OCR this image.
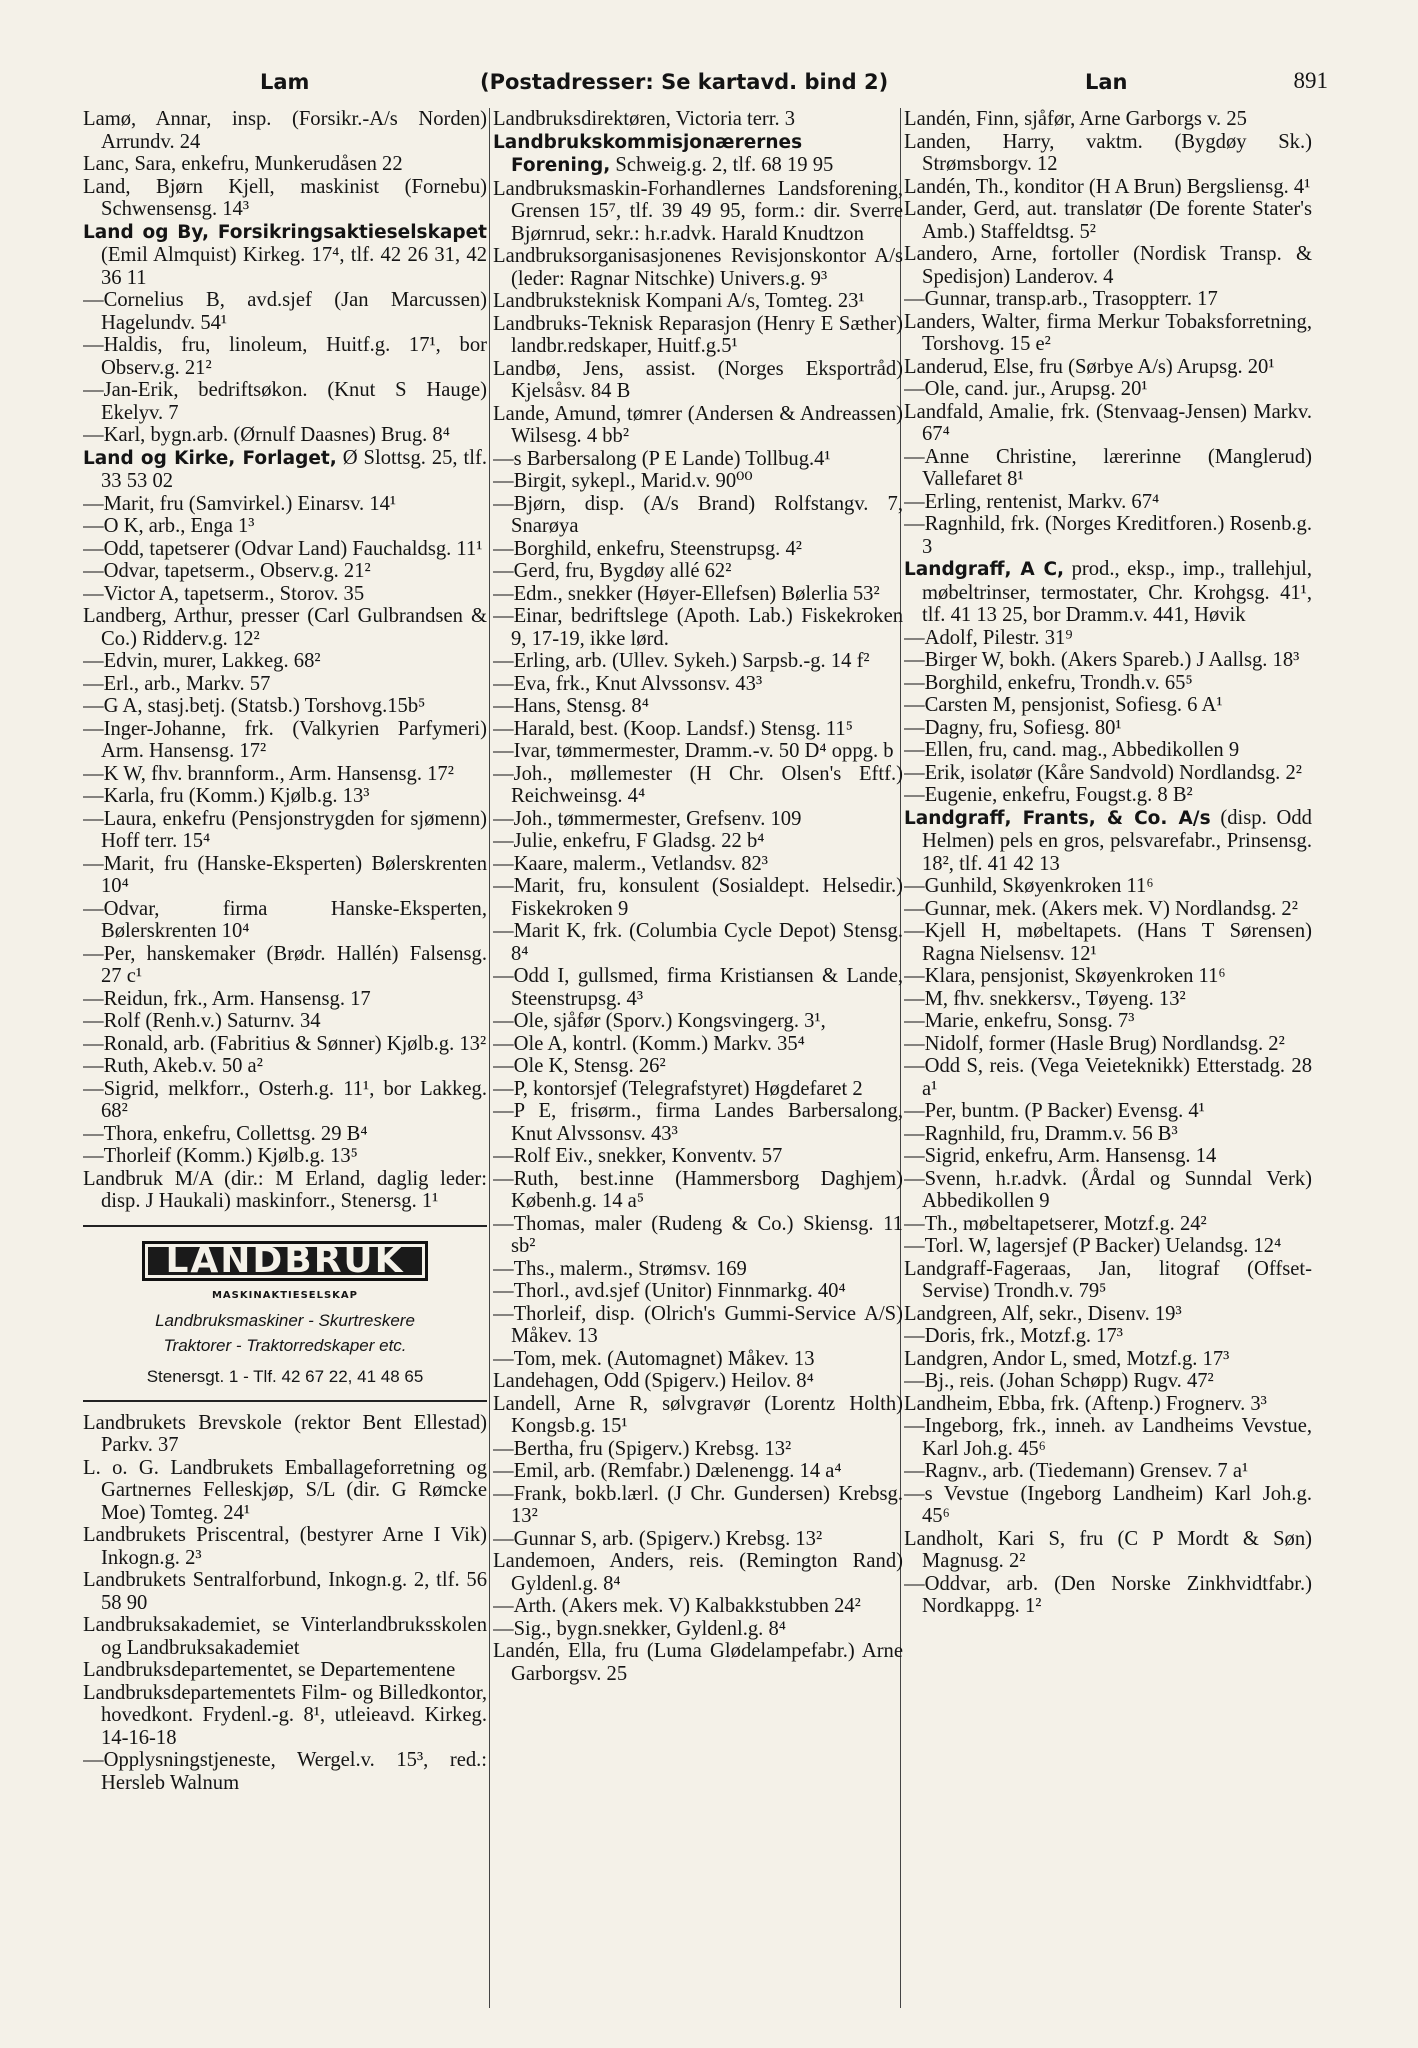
Lam	(Postadresser: Se kartavd. bind 2)	Lan	891

Lamø, Annar, insp. (Forsikr.-A/s Norden) Arrundv. 24

Lanc, Sara, enkefru, Munkerudåsen 22

Land, Bjørn Kjell, maskinist (Fornebu) Schwensensg. 14³

Land og By, Forsikringsaktieselskapet (Emil Almquist) Kirkeg. 17⁴, tlf. 42 26 31, 42 36 11

—Cornelius B, avd.sjef (Jan Marcussen) Hagelundv. 54¹

—Haldis, fru, linoleum, Huitf.g. 17¹, bor Observ.g. 21²

—Jan-Erik, bedriftsøkon. (Knut S Hauge) Ekelyv. 7

—Karl, bygn.arb. (Ørnulf Daasnes) Brug. 8⁴

Land og Kirke, Forlaget, Ø Slottsg. 25, tlf. 33 53 02

—Marit, fru (Samvirkel.) Einarsv. 14¹

—O K, arb., Enga 1³

—Odd, tapetserer (Odvar Land) Fauchaldsg. 11¹

—Odvar, tapetserm., Observ.g. 21²

—Victor A, tapetserm., Storov. 35

Landberg, Arthur, presser (Carl Gulbrandsen & Co.) Ridderv.g. 12²

—Edvin, murer, Lakkeg. 68²

—Erl., arb., Markv. 57

—G A, stasj.betj. (Statsb.) Torshovg.15b⁵

—Inger-Johanne, frk. (Valkyrien Parfymeri) Arm. Hansensg. 17²

—K W, fhv. brannform., Arm. Hansensg. 17²

—Karla, fru (Komm.) Kjølb.g. 13³

—Laura, enkefru (Pensjonstrygden for sjømenn) Hoff terr. 15⁴

—Marit, fru (Hanske-Eksperten) Bølerskrenten 10⁴

—Odvar, firma Hanske-Eksperten, Bølerskrenten 10⁴

—Per, hanskemaker (Brødr. Hallén) Falsensg. 27 c¹

—Reidun, frk., Arm. Hansensg. 17

—Rolf (Renh.v.) Saturnv. 34

—Ronald, arb. (Fabritius & Sønner) Kjølb.g. 13²

—Ruth, Akeb.v. 50 a²

—Sigrid, melkforr., Osterh.g. 11¹, bor Lakkeg. 68²

—Thora, enkefru, Collettsg. 29 B⁴

—Thorleif (Komm.) Kjølb.g. 13⁵

Landbruk M/A (dir.: M Erland, daglig leder: disp. J Haukali) maskinforr., Stenersg. 1¹

LANDBRUK
MASKINAKTIESELSKAP
Landbruksmaskiner - Skurtreskere
Traktorer - Traktorredskaper etc.
Stenersgt. 1 - Tlf. 42 67 22, 41 48 65

Landbrukets Brevskole (rektor Bent Ellestad) Parkv. 37

L. o. G. Landbrukets Emballageforretning og Gartnernes Felleskjøp, S/L (dir. G Rømcke Moe) Tomteg. 24¹

Landbrukets Priscentral, (bestyrer Arne I Vik) Inkogn.g. 2³

Landbrukets Sentralforbund, Inkogn.g. 2, tlf. 56 58 90

Landbruksakademiet, se Vinterlandbruksskolen og Landbruksakademiet

Landbruksdepartementet, se Departementene

Landbruksdepartementets Film- og Billedkontor, hovedkont. Frydenl.-g. 8¹, utleieavd. Kirkeg. 14-16-18

—Opplysningstjeneste, Wergel.v. 15³, red.: Hersleb Walnum

Landbruksdirektøren, Victoria terr. 3

Landbrukskommisjonærernes Forening, Schweig.g. 2, tlf. 68 19 95

Landbruksmaskin-Forhandlernes Landsforening, Grensen 15⁷, tlf. 39 49 95, form.: dir. Sverre Bjørnrud, sekr.: h.r.advk. Harald Knudtzon

Landbruksorganisasjonenes Revisjonskontor A/s (leder: Ragnar Nitschke) Univers.g. 9³

Landbruksteknisk Kompani A/s, Tomteg. 23¹

Landbruks-Teknisk Reparasjon (Henry E Sæther) landbr.redskaper, Huitf.g.5¹

Landbø, Jens, assist. (Norges Eksportråd) Kjelsåsv. 84 B

Lande, Amund, tømrer (Andersen & Andreassen) Wilsesg. 4 bb²

—s Barbersalong (P E Lande) Tollbug.4¹

—Birgit, sykepl., Marid.v. 90⁰⁰

—Bjørn, disp. (A/s Brand) Rolfstangv. 7, Snarøya

—Borghild, enkefru, Steenstrupsg. 4²

—Gerd, fru, Bygdøy allé 62²

—Edm., snekker (Høyer-Ellefsen) Bølerlia 53²

—Einar, bedriftslege (Apoth. Lab.) Fiskekroken 9, 17-19, ikke lørd.

—Erling, arb. (Ullev. Sykeh.) Sarpsb.-g. 14 f²

—Eva, frk., Knut Alvssonsv. 43³

—Hans, Stensg. 8⁴

—Harald, best. (Koop. Landsf.) Stensg. 11⁵

—Ivar, tømmermester, Dramm.-v. 50 D⁴ oppg. b

—Joh., møllemester (H Chr. Olsen's Eftf.) Reichweinsg. 4⁴

—Joh., tømmermester, Grefsenv. 109

—Julie, enkefru, F Gladsg. 22 b⁴

—Kaare, malerm., Vetlandsv. 82³

—Marit, fru, konsulent (Sosialdept. Helsedir.) Fiskekroken 9

—Marit K, frk. (Columbia Cycle Depot) Stensg. 8⁴

—Odd I, gullsmed, firma Kristiansen & Lande, Steenstrupsg. 4³

—Ole, sjåfør (Sporv.) Kongsvingerg. 3¹,

—Ole A, kontrl. (Komm.) Markv. 35⁴

—Ole K, Stensg. 26²

—P, kontorsjef (Telegrafstyret) Høgdefaret 2

—P E, frisørm., firma Landes Barbersalong, Knut Alvssonsv. 43³

—Rolf Eiv., snekker, Konventv. 57

—Ruth, best.inne (Hammersborg Daghjem) Københ.g. 14 a⁵

—Thomas, maler (Rudeng & Co.) Skiensg. 11 sb²

—Ths., malerm., Strømsv. 169

—Thorl., avd.sjef (Unitor) Finnmarkg. 40⁴

—Thorleif, disp. (Olrich's Gummi-Service A/S) Måkev. 13

—Tom, mek. (Automagnet) Måkev. 13

Landehagen, Odd (Spigerv.) Heilov. 8⁴

Landell, Arne R, sølvgravør (Lorentz Holth) Kongsb.g. 15¹

—Bertha, fru (Spigerv.) Krebsg. 13²

—Emil, arb. (Remfabr.) Dælenengg. 14 a⁴

—Frank, bokb.lærl. (J Chr. Gundersen) Krebsg. 13²

—Gunnar S, arb. (Spigerv.) Krebsg. 13²

Landemoen, Anders, reis. (Remington Rand) Gyldenl.g. 8⁴

—Arth. (Akers mek. V) Kalbakkstubben 24²

—Sig., bygn.snekker, Gyldenl.g. 8⁴

Landén, Ella, fru (Luma Glødelampefabr.) Arne Garborgsv. 25

Landén, Finn, sjåfør, Arne Garborgs v. 25

Landen, Harry, vaktm. (Bygdøy Sk.) Strømsborgv. 12

Landén, Th., konditor (H A Brun) Bergsliensg. 4¹

Lander, Gerd, aut. translatør (De forente Stater's Amb.) Staffeldtsg. 5²

Landero, Arne, fortoller (Nordisk Transp. & Spedisjon) Landerov. 4

—Gunnar, transp.arb., Trasoppterr. 17

Landers, Walter, firma Merkur Tobaksforretning, Torshovg. 15 e²

Landerud, Else, fru (Sørbye A/s) Arupsg. 20¹

—Ole, cand. jur., Arupsg. 20¹

Landfald, Amalie, frk. (Stenvaag-Jensen) Markv. 67⁴

—Anne Christine, lærerinne (Manglerud) Vallefaret 8¹

—Erling, rentenist, Markv. 67⁴

—Ragnhild, frk. (Norges Kreditforen.) Rosenb.g. 3

Landgraff, A C, prod., eksp., imp., trallehjul, møbeltrinser, termostater, Chr. Krohgsg. 41¹, tlf. 41 13 25, bor Dramm.v. 441, Høvik

—Adolf, Pilestr. 31⁹

—Birger W, bokh. (Akers Spareb.) J Aallsg. 18³

—Borghild, enkefru, Trondh.v. 65⁵

—Carsten M, pensjonist, Sofiesg. 6 A¹

—Dagny, fru, Sofiesg. 80¹

—Ellen, fru, cand. mag., Abbedikollen 9

—Erik, isolatør (Kåre Sandvold) Nordlandsg. 2²

—Eugenie, enkefru, Fougst.g. 8 B²

Landgraff, Frants, & Co. A/s (disp. Odd Helmen) pels en gros, pelsvarefabr., Prinsensg. 18², tlf. 41 42 13

—Gunhild, Skøyenkroken 11⁶

—Gunnar, mek. (Akers mek. V) Nordlandsg. 2²

—Kjell H, møbeltapets. (Hans T Sørensen) Ragna Nielsensv. 12¹

—Klara, pensjonist, Skøyenkroken 11⁶

—M, fhv. snekkersv., Tøyeng. 13²

—Marie, enkefru, Sonsg. 7³

—Nidolf, former (Hasle Brug) Nordlandsg. 2²

—Odd S, reis. (Vega Veieteknikk) Etterstadg. 28 a¹

—Per, buntm. (P Backer) Evensg. 4¹

—Ragnhild, fru, Dramm.v. 56 B³

—Sigrid, enkefru, Arm. Hansensg. 14

—Svenn, h.r.advk. (Årdal og Sunndal Verk) Abbedikollen 9

—Th., møbeltapetserer, Motzf.g. 24²

—Torl. W, lagersjef (P Backer) Uelandsg. 12⁴

Landgraff-Fageraas, Jan, litograf (Offset-Servise) Trondh.v. 79⁵

Landgreen, Alf, sekr., Disenv. 19³

—Doris, frk., Motzf.g. 17³

Landgren, Andor L, smed, Motzf.g. 17³

—Bj., reis. (Johan Schøpp) Rugv. 47²

Landheim, Ebba, frk. (Aftenp.) Frognerv. 3³

—Ingeborg, frk., inneh. av Landheims Vevstue, Karl Joh.g. 45⁶

—Ragnv., arb. (Tiedemann) Grensev. 7 a¹

—s Vevstue (Ingeborg Landheim) Karl Joh.g. 45⁶

Landholt, Kari S, fru (C P Mordt & Søn) Magnusg. 2²

—Oddvar, arb. (Den Norske Zinkhvidtfabr.) Nordkappg. 1²
